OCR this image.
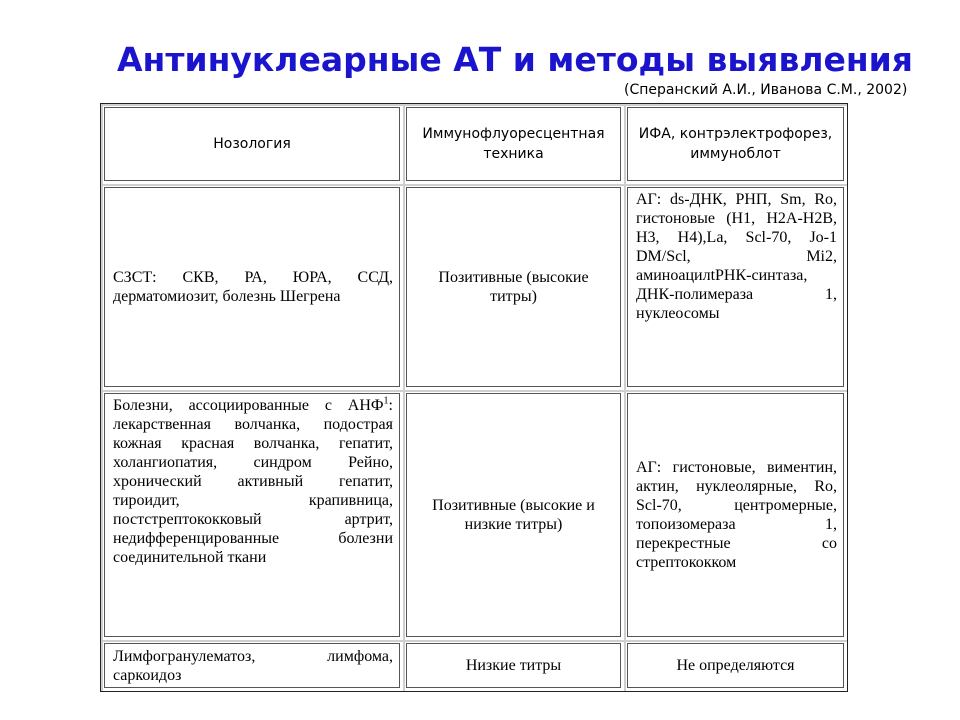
Антинуклеарные АТ и методы выявления
(Сперанский А.И., Иванова С.М., 2002)
Нозология	Иммунофлуоресцентная техника	ИФА, контрэлектрофорез, иммуноблот

СЗСТ: СКВ, РА, ЮРА, ССД, дерматомиозит, болезнь Шегрена	Позитивные (высокие титры)	АГ: ds-ДНК, РНП, Sm, Ro, гистоновые (H1, H2A-H2B, H3, H4),La, Scl-70, Jo-1 DM/Scl, Mi2, аминоацилtРНК-синтаза, ДНК-полимераза 1, нуклеосомы

Болезни, ассоциированные с АНФ$^1$: лекарственная волчанка, подострая кожная красная волчанка, гепатит, холангиопатия, синдром Рейно, хронический активный гепатит, тироидит, крапивница, постстрептококковый артрит, недифференцированные болезни соединительной ткани	Позитивные (высокие и низкие титры)	АГ: гистоновые, виментин, актин, нуклеолярные, Ro, Scl-70, центромерные, топоизомераза 1, перекрестные со стрептококком

Лимфогранулематоз, лимфома, саркоидоз	Низкие титры	Не определяются
